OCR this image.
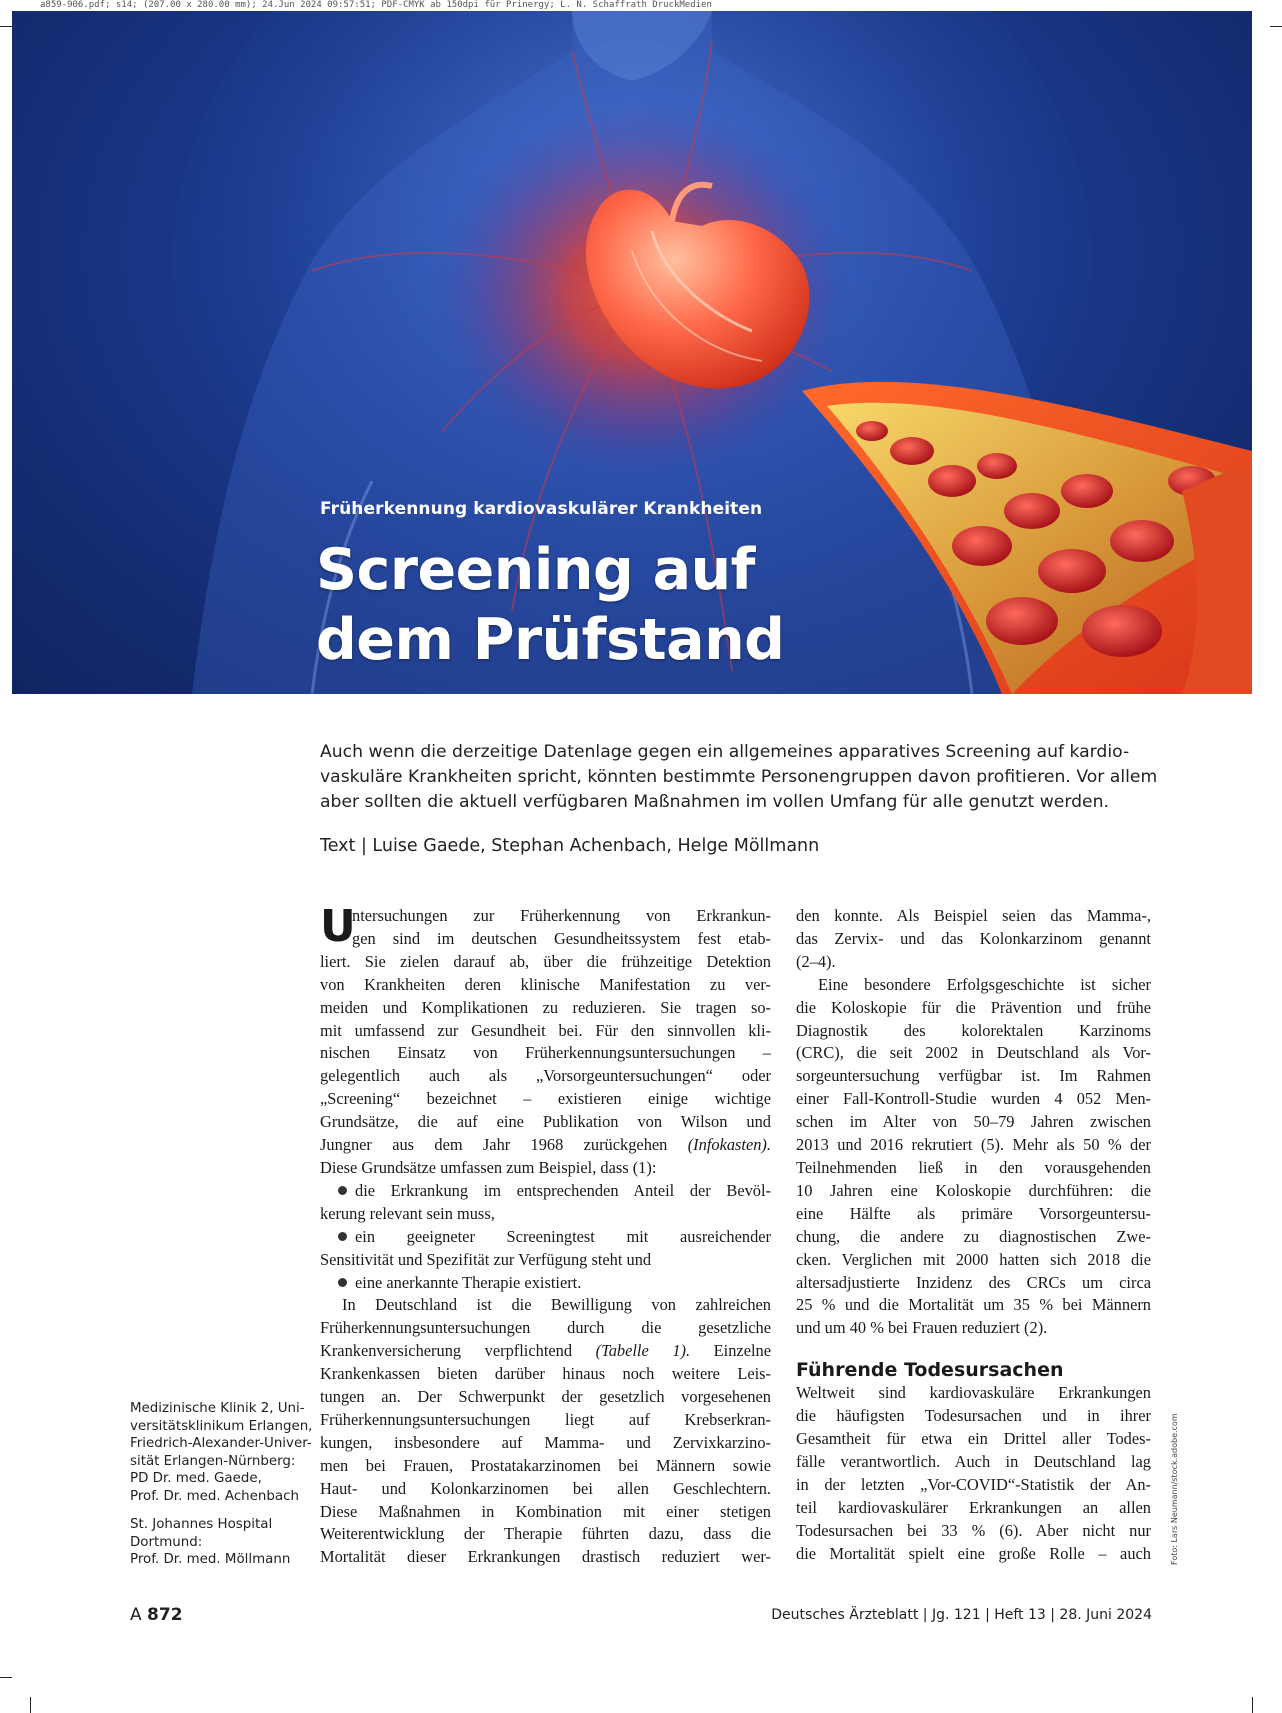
a859-906.pdf; s14; (207.00 x 280.00 mm); 24.Jun 2024 09:57:51; PDF-CMYK ab 150dpi für Prinergy; L. N. Schaffrath DruckMedien
Früherkennung kardiovaskulärer Krankheiten
Screening auf
dem Prüfstand
Auch wenn die derzeitige Datenlage gegen ein allgemeines apparatives Screening auf kardio-
vaskuläre Krankheiten spricht, könnten bestimmte Personengruppen davon profitieren. Vor allem
aber sollten die aktuell verfügbaren Maßnahmen im vollen Umfang für alle genutzt werden.
Text | Luise Gaede, Stephan Achenbach, Helge Möllmann
U
ntersuchungen zur Früherkennung von Erkrankun-
gen sind im deutschen Gesundheitssystem fest etab-
liert. Sie zielen darauf ab, über die frühzeitige Detektion
von Krankheiten deren klinische Manifestation zu ver-
meiden und Komplikationen zu reduzieren. Sie tragen so-
mit umfassend zur Gesundheit bei. Für den sinnvollen kli-
nischen Einsatz von Früherkennungsuntersuchungen –
gelegentlich auch als „Vorsorgeuntersuchungen“ oder
„Screening“ bezeichnet – existieren einige wichtige
Grundsätze, die auf eine Publikation von Wilson und
Jungner aus dem Jahr 1968 zurückgehen (Infokasten).
Diese Grundsätze umfassen zum Beispiel, dass (1):
die Erkrankung im entsprechenden Anteil der Bevöl-
kerung relevant sein muss,
ein geeigneter Screeningtest mit ausreichender
Sensitivität und Spezifität zur Verfügung steht und
eine anerkannte Therapie existiert.
In Deutschland ist die Bewilligung von zahlreichen
Früherkennungsuntersuchungen durch die gesetzliche
Krankenversicherung verpflichtend (Tabelle 1). Einzelne
Krankenkassen bieten darüber hinaus noch weitere Leis-
tungen an. Der Schwerpunkt der gesetzlich vorgesehenen
Früherkennungsuntersuchungen liegt auf Krebserkran-
kungen, insbesondere auf Mamma- und Zervixkarzino-
men bei Frauen, Prostatakarzinomen bei Männern sowie
Haut- und Kolonkarzinomen bei allen Geschlechtern.
Diese Maßnahmen in Kombination mit einer stetigen
Weiterentwicklung der Therapie führten dazu, dass die
Mortalität dieser Erkrankungen drastisch reduziert wer-
den konnte. Als Beispiel seien das Mamma-,
das Zervix- und das Kolonkarzinom genannt
(2–4).
Eine besondere Erfolgsgeschichte ist sicher
die Koloskopie für die Prävention und frühe
Diagnostik des kolorektalen Karzinoms
(CRC), die seit 2002 in Deutschland als Vor-
sorgeuntersuchung verfügbar ist. Im Rahmen
einer Fall-Kontroll-Studie wurden 4 052 Men-
schen im Alter von 50–79 Jahren zwischen
2013 und 2016 rekrutiert (5). Mehr als 50 % der
Teilnehmenden ließ in den vorausgehenden
10 Jahren eine Koloskopie durchführen: die
eine Hälfte als primäre Vorsorgeuntersu-
chung, die andere zu diagnostischen Zwe-
cken. Verglichen mit 2000 hatten sich 2018 die
altersadjustierte Inzidenz des CRCs um circa
25 % und die Mortalität um 35 % bei Männern
und um 40 % bei Frauen reduziert (2).
Führende Todesursachen
Weltweit sind kardiovaskuläre Erkrankungen
die häufigsten Todesursachen und in ihrer
Gesamtheit für etwa ein Drittel aller Todes-
fälle verantwortlich. Auch in Deutschland lag
in der letzten „Vor-COVID“-Statistik der An-
teil kardiovaskulärer Erkrankungen an allen
Todesursachen bei 33 % (6). Aber nicht nur
die Mortalität spielt eine große Rolle – auch
Medizinische Klinik 2, Uni-
versitätsklinikum Erlangen,
Friedrich-Alexander-Univer-
sität Erlangen-Nürnberg:
PD Dr. med. Gaede,
Prof. Dr. med. Achenbach
St. Johannes Hospital
Dortmund:
Prof. Dr. med. Möllmann	Foto: Lars Neumann/stock.adobe.com
A 872	Deutsches Ärzteblatt | Jg. 121 | Heft 13 | 28. Juni 2024
